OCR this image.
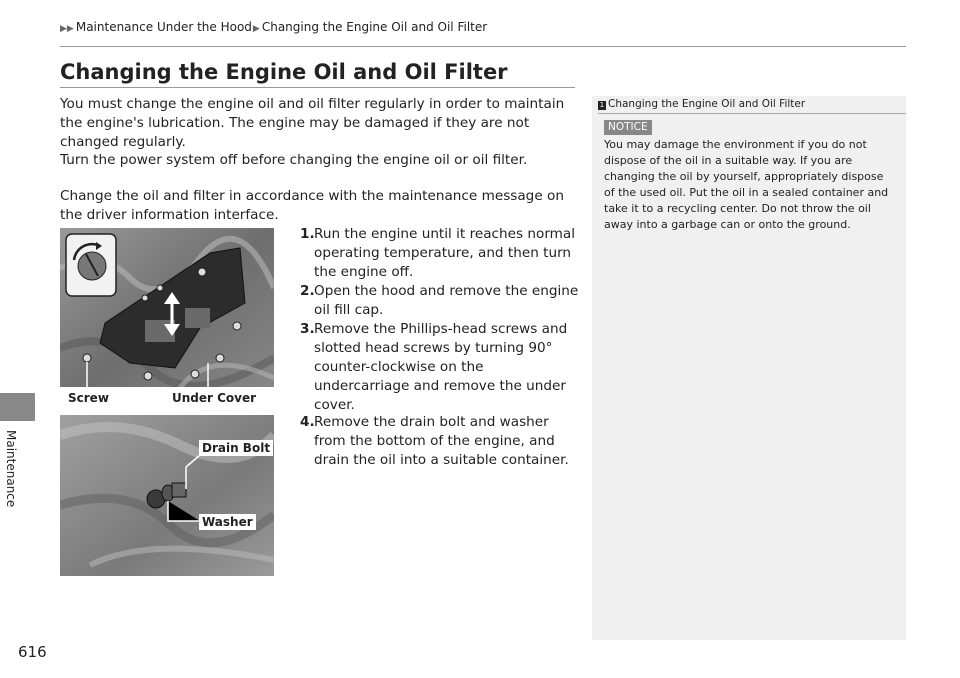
Maintenance
▶▶ Maintenance Under the Hood▶ Changing the Engine Oil and Oil Filter
Changing the Engine Oil and Oil Filter
You must change the engine oil and oil filter regularly in order to maintain the engine's lubrication. The engine may be damaged if they are not changed regularly.
Turn the power system off before changing the engine oil or oil filter.
Change the oil and filter in accordance with the maintenance message on the driver information interface.
1. Run the engine until it reaches normal operating temperature, and then turn the engine off.
2. Open the hood and remove the engine oil fill cap.
3. Remove the Phillips-head screws and slotted head screws by turning 90° counter-clockwise on the undercarriage and remove the under cover.
4. Remove the drain bolt and washer from the bottom of the engine, and drain the oil into a suitable container.
Screw	Under Cover
Drain Bolt
Washer
1 Changing the Engine Oil and Oil Filter
NOTICE
You may damage the environment if you do not dispose of the oil in a suitable way. If you are changing the oil by yourself, appropriately dispose of the used oil. Put the oil in a sealed container and take it to a recycling center. Do not throw the oil away into a garbage can or onto the ground.
616
